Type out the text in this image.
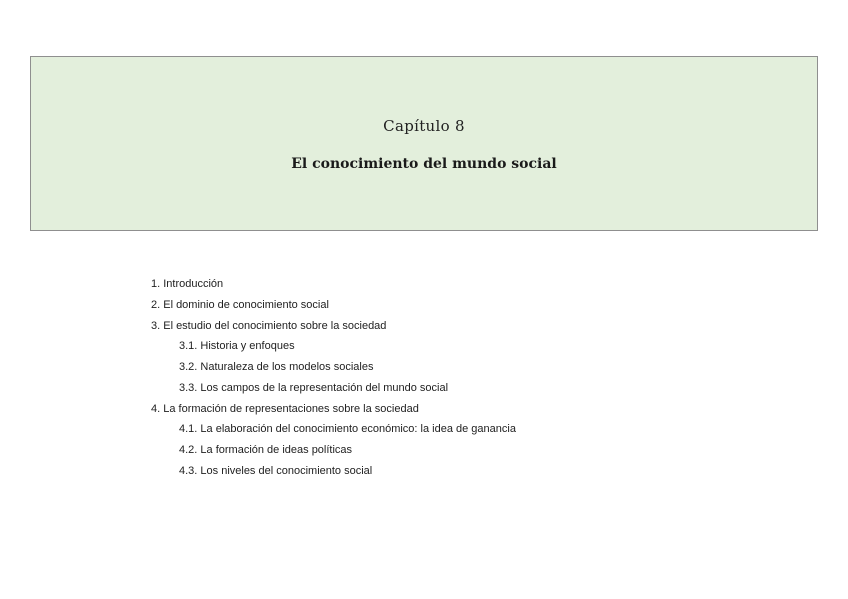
Capítulo 8
El conocimiento del mundo social
1. Introducción
2. El dominio de conocimiento social
3. El estudio del conocimiento sobre la sociedad
3.1. Historia y enfoques
3.2. Naturaleza de los modelos sociales
3.3. Los campos de la representación del mundo social
4. La formación de representaciones sobre la sociedad
4.1. La elaboración del conocimiento económico: la idea de ganancia
4.2. La formación de ideas políticas
4.3. Los niveles del conocimiento social
